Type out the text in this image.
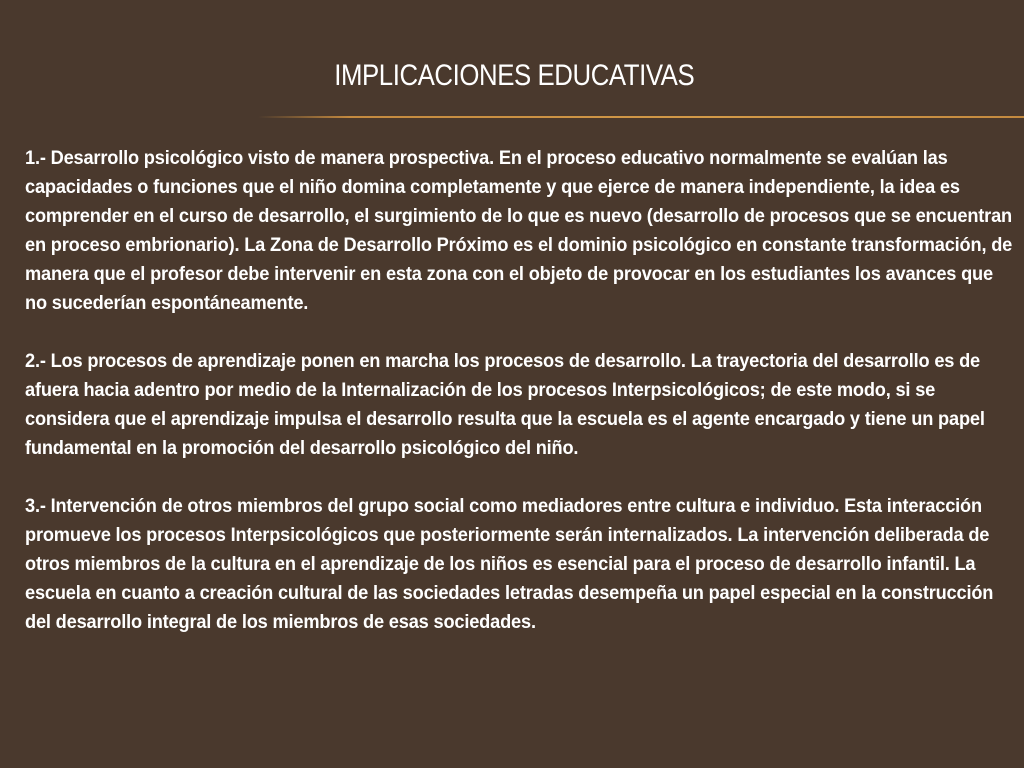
IMPLICACIONES EDUCATIVAS

1.- Desarrollo psicológico visto de manera prospectiva. En el proceso educativo normalmente se evalúan las capacidades o funciones que el niño domina completamente y que ejerce de manera independiente, la idea es comprender en el curso de desarrollo, el surgimiento de lo que es nuevo (desarrollo de procesos que se encuentran en proceso embrionario). La Zona de Desarrollo Próximo es el dominio psicológico en constante transformación, de manera que el profesor debe intervenir en esta zona con el objeto de provocar en los estudiantes los avances que no sucederían espontáneamente.

2.- Los procesos de aprendizaje ponen en marcha los procesos de desarrollo. La trayectoria del desarrollo es de afuera hacia adentro por medio de la Internalización de los procesos Interpsicológicos; de este modo, si se considera que el aprendizaje impulsa el desarrollo resulta que la escuela es el agente encargado y tiene un papel fundamental en la promoción del desarrollo psicológico del niño.

3.- Intervención de otros miembros del grupo social como mediadores entre cultura e individuo. Esta interacción promueve los procesos Interpsicológicos que posteriormente serán internalizados. La intervención deliberada de otros miembros de la cultura en el aprendizaje de los niños es esencial para el proceso de desarrollo infantil. La escuela en cuanto a creación cultural de las sociedades letradas desempeña un papel especial en la construcción del desarrollo integral de los miembros de esas sociedades.
